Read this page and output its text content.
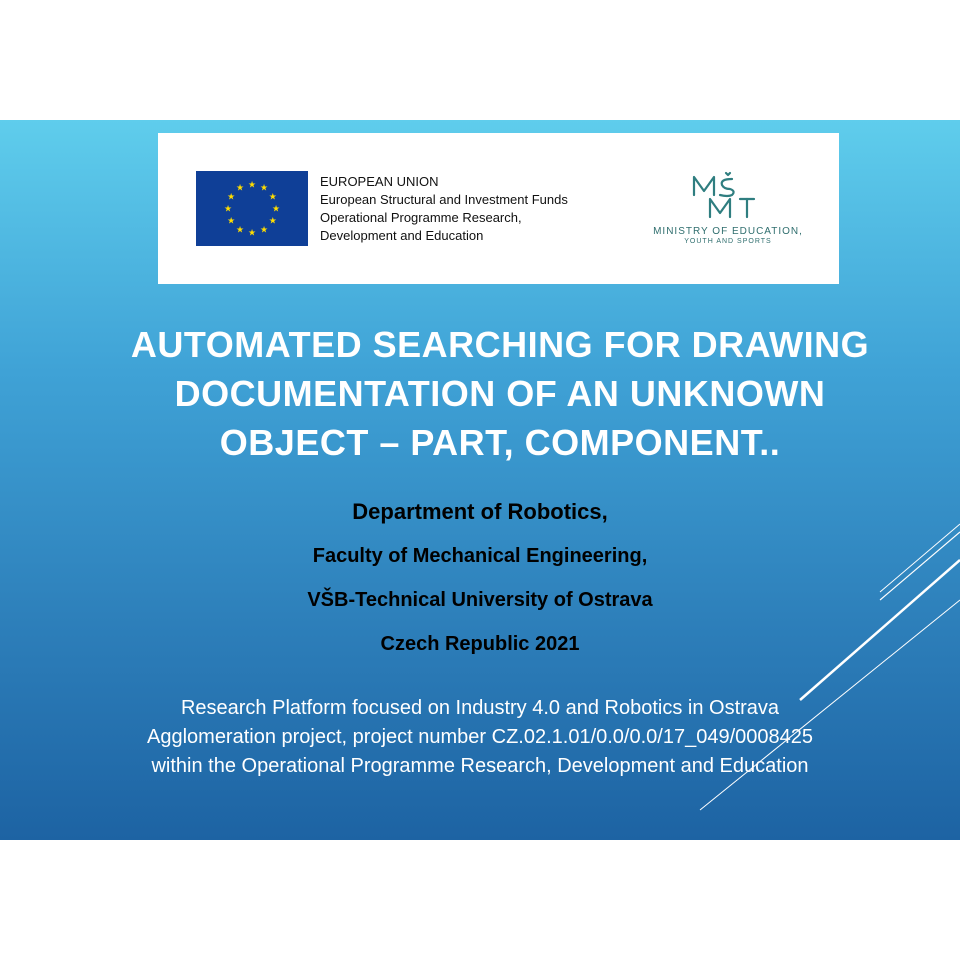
★ ★
★
★
★
★
★
★
★
★
★
★	EUROPEAN UNION
European Structural and Investment Funds
Operational Programme Research,
Development and Education	MINISTRY OF EDUCATION,
YOUTH AND SPORTS
AUTOMATED SEARCHING FOR DRAWING
DOCUMENTATION OF AN UNKNOWN
OBJECT – PART, COMPONENT..
Department of Robotics,
Faculty of Mechanical Engineering,
VŠB-Technical University of Ostrava
Czech Republic 2021
Research Platform focused on Industry 4.0 and Robotics in Ostrava
Agglomeration project, project number CZ.02.1.01/0.0/0.0/17_049/0008425
within the Operational Programme Research, Development and Education
